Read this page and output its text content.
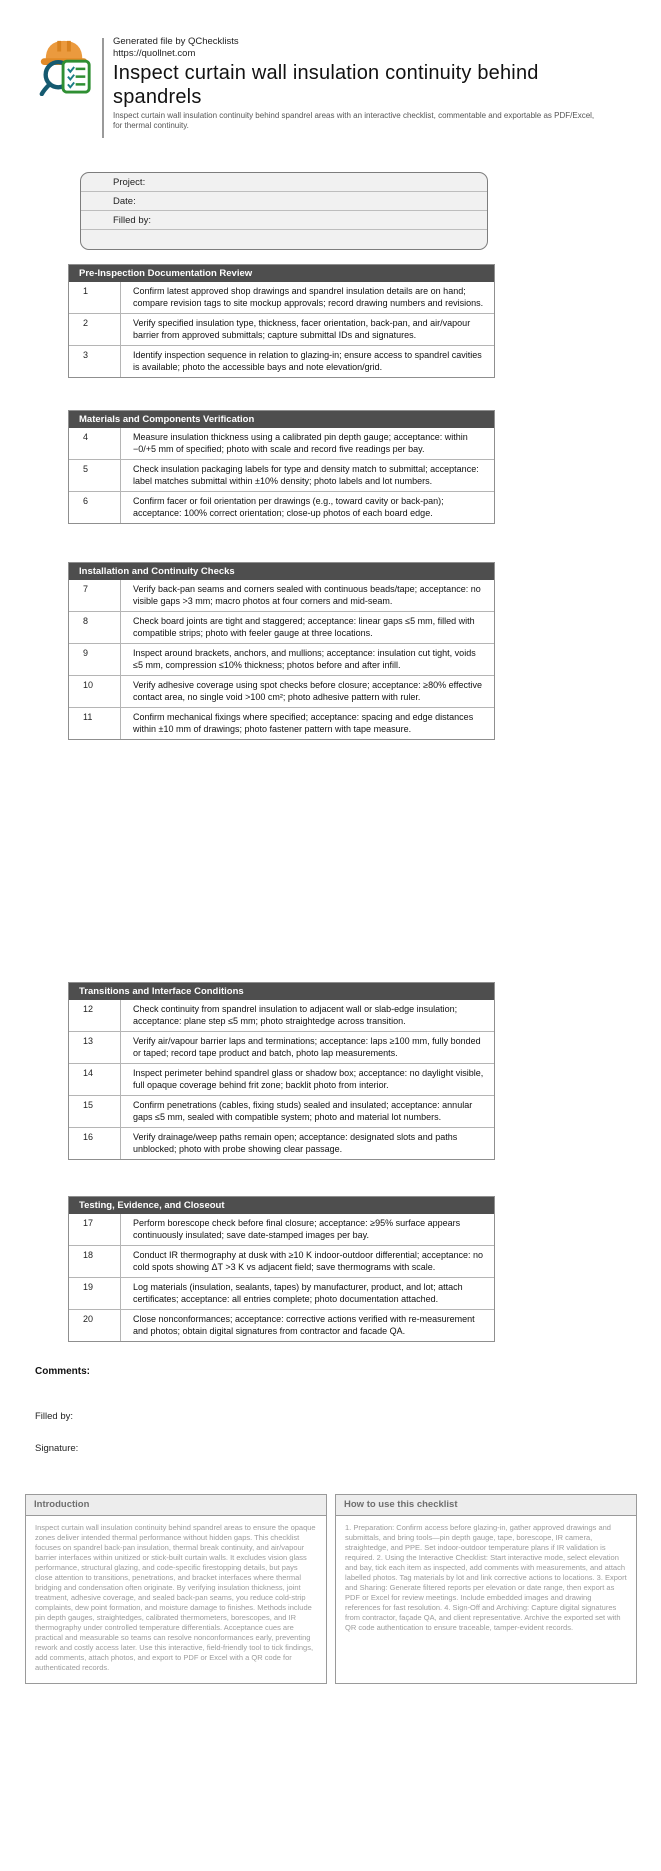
Generated file by QChecklists
https://quollnet.com
Inspect curtain wall insulation continuity behind spandrels

Inspect curtain wall insulation continuity behind spandrel areas with an interactive checklist, commentable and exportable as PDF/Excel, for thermal continuity.

Project:
Date:
Filled by:
Pre-Inspection Documentation Review
1	Confirm latest approved shop drawings and spandrel insulation details are on hand; compare revision tags to site mockup approvals; record drawing numbers and revisions.
2	Verify specified insulation type, thickness, facer orientation, back-pan, and air/vapour barrier from approved submittals; capture submittal IDs and signatures.
3	Identify inspection sequence in relation to glazing-in; ensure access to spandrel cavities is available; photo the accessible bays and note elevation/grid.
Materials and Components Verification
4	Measure insulation thickness using a calibrated pin depth gauge; acceptance: within −0/+5 mm of specified; photo with scale and record five readings per bay.
5	Check insulation packaging labels for type and density match to submittal; acceptance: label matches submittal within ±10% density; photo labels and lot numbers.
6	Confirm facer or foil orientation per drawings (e.g., toward cavity or back-pan); acceptance: 100% correct orientation; close-up photos of each board edge.
Installation and Continuity Checks
7	Verify back-pan seams and corners sealed with continuous beads/tape; acceptance: no visible gaps >3 mm; macro photos at four corners and mid-seam.
8	Check board joints are tight and staggered; acceptance: linear gaps ≤5 mm, filled with compatible strips; photo with feeler gauge at three locations.
9	Inspect around brackets, anchors, and mullions; acceptance: insulation cut tight, voids ≤5 mm, compression ≤10% thickness; photos before and after infill.
10	Verify adhesive coverage using spot checks before closure; acceptance: ≥80% effective contact area, no single void >100 cm²; photo adhesive pattern with ruler.
11	Confirm mechanical fixings where specified; acceptance: spacing and edge distances within ±10 mm of drawings; photo fastener pattern with tape measure.
Transitions and Interface Conditions
12	Check continuity from spandrel insulation to adjacent wall or slab-edge insulation; acceptance: plane step ≤5 mm; photo straightedge across transition.
13	Verify air/vapour barrier laps and terminations; acceptance: laps ≥100 mm, fully bonded or taped; record tape product and batch, photo lap measurements.
14	Inspect perimeter behind spandrel glass or shadow box; acceptance: no daylight visible, full opaque coverage behind frit zone; backlit photo from interior.
15	Confirm penetrations (cables, fixing studs) sealed and insulated; acceptance: annular gaps ≤5 mm, sealed with compatible system; photo and material lot numbers.
16	Verify drainage/weep paths remain open; acceptance: designated slots and paths unblocked; photo with probe showing clear passage.
Testing, Evidence, and Closeout
17	Perform borescope check before final closure; acceptance: ≥95% surface appears continuously insulated; save date-stamped images per bay.
18	Conduct IR thermography at dusk with ≥10 K indoor-outdoor differential; acceptance: no cold spots showing ΔT >3 K vs adjacent field; save thermograms with scale.
19	Log materials (insulation, sealants, tapes) by manufacturer, product, and lot; attach certificates; acceptance: all entries complete; photo documentation attached.
20	Close nonconformances; acceptance: corrective actions verified with re-measurement and photos; obtain digital signatures from contractor and facade QA.
Comments:
Filled by:
Signature:
Introduction
Inspect curtain wall insulation continuity behind spandrel areas to ensure the opaque zones deliver intended thermal performance without hidden gaps. This checklist focuses on spandrel back-pan insulation, thermal break continuity, and air/vapour barrier interfaces within unitized or stick-built curtain walls. It excludes vision glass performance, structural glazing, and code-specific firestopping details, but pays close attention to transitions, penetrations, and bracket interfaces where thermal bridging and condensation often originate. By verifying insulation thickness, joint treatment, adhesive coverage, and sealed back-pan seams, you reduce cold-strip complaints, dew point formation, and moisture damage to finishes. Methods include pin depth gauges, straightedges, calibrated thermometers, borescopes, and IR thermography under controlled temperature differentials. Acceptance cues are practical and measurable so teams can resolve nonconformances early, preventing rework and costly access later. Use this interactive, field-friendly tool to tick findings, add comments, attach photos, and export to PDF or Excel with a QR code for authenticated records.
How to use this checklist
1. Preparation: Confirm access before glazing-in, gather approved drawings and submittals, and bring tools—pin depth gauge, tape, borescope, IR camera, straightedge, and PPE. Set indoor-outdoor temperature plans if IR validation is required. 2. Using the Interactive Checklist: Start interactive mode, select elevation and bay, tick each item as inspected, add comments with measurements, and attach labelled photos. Tag materials by lot and link corrective actions to locations. 3. Export and Sharing: Generate filtered reports per elevation or date range, then export as PDF or Excel for review meetings. Include embedded images and drawing references for fast resolution. 4. Sign-Off and Archiving: Capture digital signatures from contractor, façade QA, and client representative. Archive the exported set with QR code authentication to ensure traceable, tamper-evident records.
